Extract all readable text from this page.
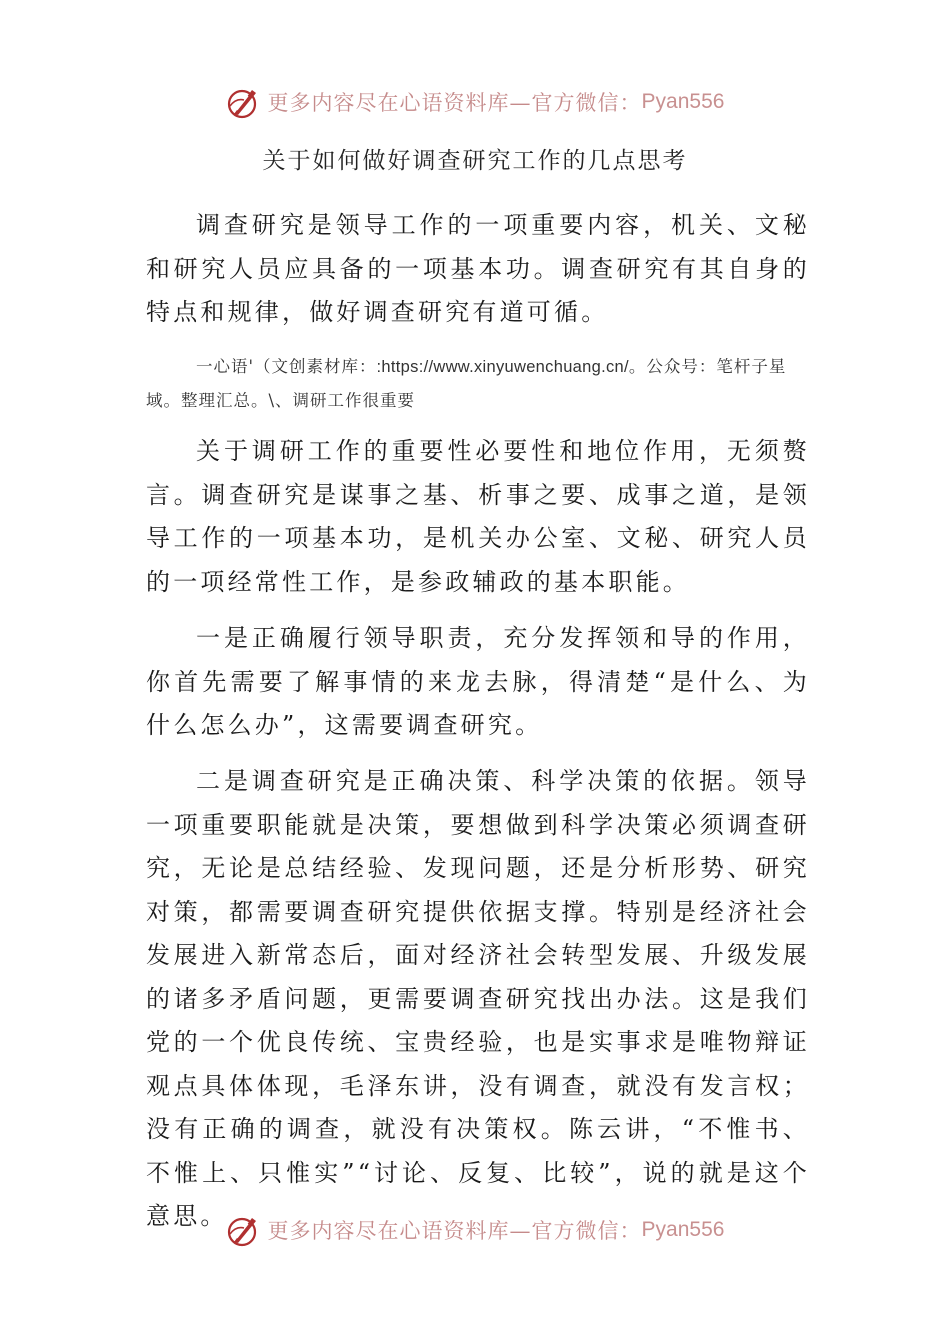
更多内容尽在心语资料库—官方微信： Pyan556
关于如何做好调查研究工作的几点思考

调查研究是领导工作的一项重要内容，机关、文秘和研究人员应具备的一项基本功。调查研究有其自身的特点和规律，做好调查研究有道可循。

一心语'（文创素材库：:https://www.xinyuwenchuang.cn/。公众号：笔杆子星域。整理汇总。\、调研工作很重要

关于调研工作的重要性必要性和地位作用，无须赘言。调查研究是谋事之基、析事之要、成事之道，是领导工作的一项基本功，是机关办公室、文秘、研究人员的一项经常性工作，是参政辅政的基本职能。

一是正确履行领导职责，充分发挥领和导的作用，你首先需要了解事情的来龙去脉，得清楚“是什么、为什么怎么办”，这需要调查研究。

二是调查研究是正确决策、科学决策的依据。领导一项重要职能就是决策，要想做到科学决策必须调查研究，无论是总结经验、发现问题，还是分析形势、研究对策，都需要调查研究提供依据支撑。特别是经济社会发展进入新常态后，面对经济社会转型发展、升级发展的诸多矛盾问题，更需要调查研究找出办法。这是我们党的一个优良传统、宝贵经验，也是实事求是唯物辩证观点具体体现，毛泽东讲，没有调查，就没有发言权；没有正确的调查，就没有决策权。陈云讲，“不惟书、不惟上、只惟实”“讨论、反复、比较”，说的就是这个意思。

更多内容尽在心语资料库—官方微信： Pyan556
